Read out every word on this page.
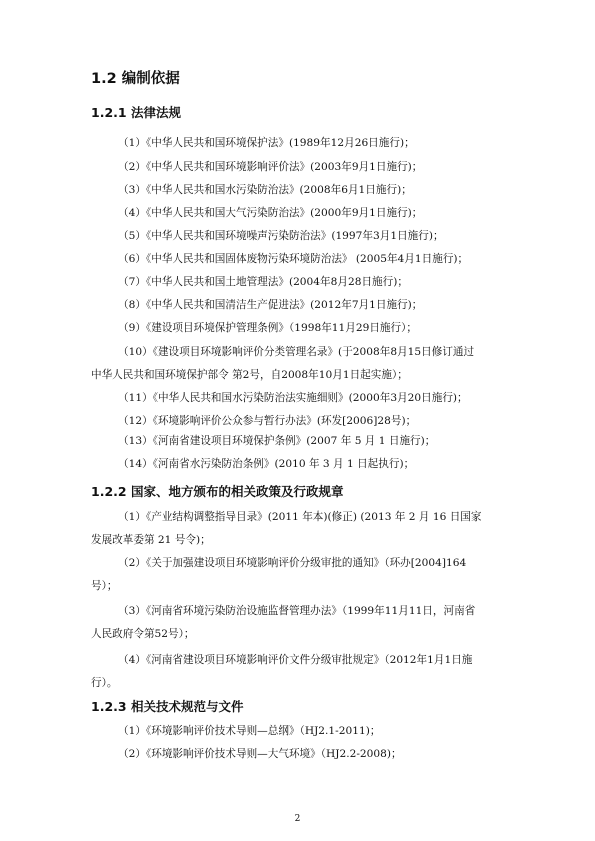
1.2 编制依据
1.2.1 法律法规
（1）《中华人民共和国环境保护法》(1989年12月26日施行)；
（2）《中华人民共和国环境影响评价法》(2003年9月1日施行)；
（3）《中华人民共和国水污染防治法》(2008年6月1日施行)；
（4）《中华人民共和国大气污染防治法》(2000年9月1日施行)；
（5）《中华人民共和国环境噪声污染防治法》(1997年3月1日施行)；
（6）《中华人民共和国固体废物污染环境防治法》 (2005年4月1日施行)；
（7）《中华人民共和国土地管理法》(2004年8月28日施行)；
（8）《中华人民共和国清洁生产促进法》(2012年7月1日施行)；
（9）《建设项目环境保护管理条例》（1998年11月29日施行）；
（10）《建设项目环境影响评价分类管理名录》(于2008年8月15日修订通过
中华人民共和国环境保护部令 第2号，自2008年10月1日起实施）；
（11）《中华人民共和国水污染防治法实施细则》(2000年3月20日施行)；
（12）《环境影响评价公众参与暂行办法》(环发[2006]28号)；
（13）《河南省建设项目环境保护条例》(2007 年 5 月 1 日施行)；
（14）《河南省水污染防治条例》(2010 年 3 月 1 日起执行)；
1.2.2 国家、地方颁布的相关政策及行政规章
（1）《产业结构调整指导目录》(2011 年本)(修正) (2013 年 2 月 16 日国家
发展改革委第 21 号令)；
（2）《关于加强建设项目环境影响评价分级审批的通知》（环办[2004]164
号）；
（3）《河南省环境污染防治设施监督管理办法》（1999年11月11日，河南省
人民政府令第52号）；
（4）《河南省建设项目环境影响评价文件分级审批规定》（2012年1月1日施
行）。
1.2.3 相关技术规范与文件
（1）《环境影响评价技术导则—总纲》（HJ2.1-2011)；
（2）《环境影响评价技术导则—大气环境》（HJ2.2-2008)；
2
